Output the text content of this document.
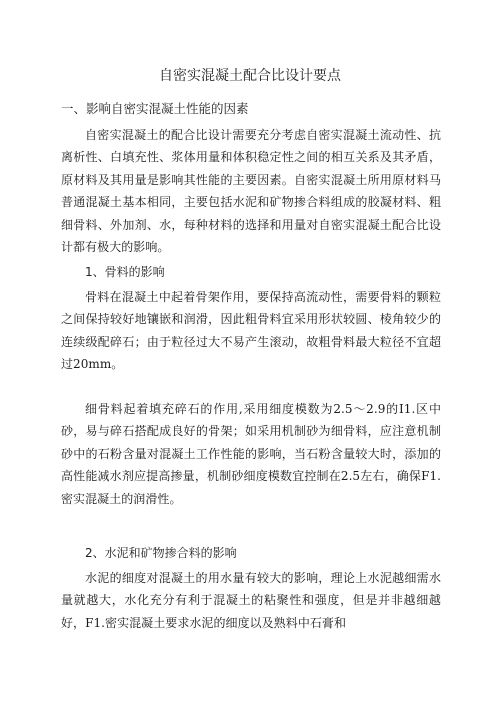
自密实混凝土配合比设计要点
一、影响自密实混凝土性能的因素

自密实混凝土的配合比设计需要充分考虑自密实混凝土流动性、抗离析性、白填充性、浆体用量和体积稳定性之间的相互关系及其矛盾，原材料及其用量是影响其性能的主要因素。自密实混凝土所用原材料马普通混凝土基本相同，主要包括水泥和矿物掺合料组成的胶凝材料、粗细骨料、外加剂、水，每种材料的选择和用量对自密实混凝土配合比设计都有极大的影响。

1、骨料的影响

骨料在混凝土中起着骨架作用，要保持高流动性，需要骨料的颗粒之间保持较好地镶嵌和润滑，因此粗骨料宜采用形状较圆、棱角较少的连续级配碎石；由于粒径过大不易产生滚动，故粗骨料最大粒径不宜超过20mm。

细骨料起着填充碎石的作用,采用细度模数为2.5～2.9的I1.区中砂，易与碎石搭配成良好的骨架；如采用机制砂为细骨料，应注意机制砂中的石粉含量对混凝土工作性能的影响，当石粉含量较大时，添加的高性能减水剂应提高掺量，机制砂细度模数宜控制在2.5左右，确保F1.密实混凝土的润滑性。

2、水泥和矿物掺合料的影响

水泥的细度对混凝土的用水量有较大的影响，理论上水泥越细需水量就越大，水化充分有利于混凝土的粘聚性和强度，但是并非越细越好，F1.密实混凝土要求水泥的细度以及熟料中石膏和
